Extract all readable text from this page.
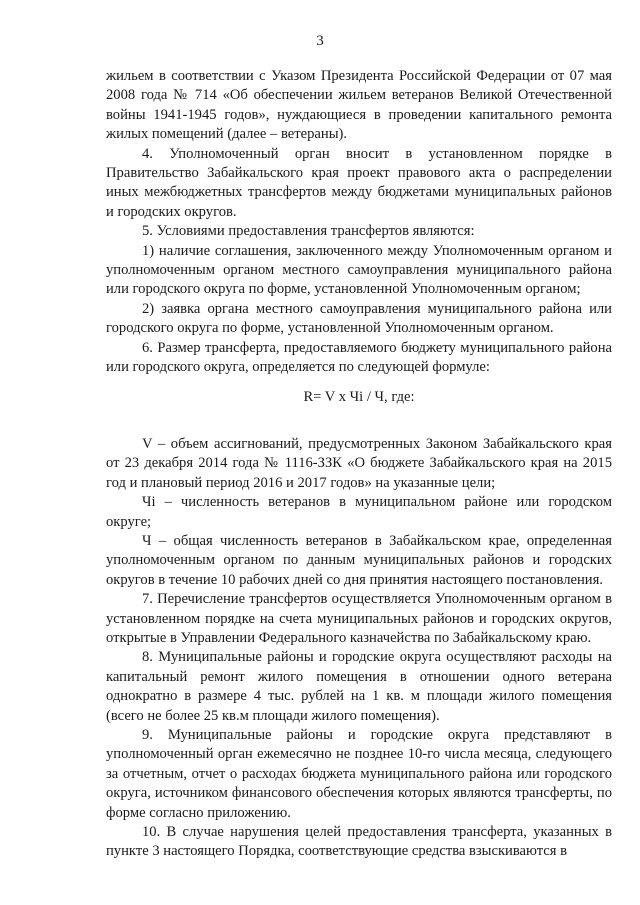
3

жильем в соответствии с Указом Президента Российской Федерации от 07 мая 2008 года № 714 «Об обеспечении жильем ветеранов Великой Отечественной войны 1941-1945 годов», нуждающиеся в проведении капитального ремонта жилых помещений (далее – ветераны).

4. Уполномоченный орган вносит в установленном порядке в Правительство Забайкальского края проект правового акта о распределении иных межбюджетных трансфертов между бюджетами муниципальных районов и городских округов.

5. Условиями предоставления трансфертов являются:

1) наличие соглашения, заключенного между Уполномоченным органом и уполномоченным органом местного самоуправления муниципального района или городского округа по форме, установленной Уполномоченным органом;

2) заявка органа местного самоуправления муниципального района или городского округа по форме, установленной Уполномоченным органом.

6. Размер трансферта, предоставляемого бюджету муниципального района или городского округа, определяется по следующей формуле:

R= V х Чi / Ч, где:

V – объем ассигнований, предусмотренных Законом Забайкальского края от 23 декабря 2014 года № 1116-ЗЗК «О бюджете Забайкальского края на 2015 год и плановый период 2016 и 2017 годов» на указанные цели;

Чi – численность ветеранов в муниципальном районе или городском округе;

Ч – общая численность ветеранов в Забайкальском крае, определенная уполномоченным органом по данным муниципальных районов и городских округов в течение 10 рабочих дней со дня принятия настоящего постановления.

7. Перечисление трансфертов осуществляется Уполномоченным органом в установленном порядке на счета муниципальных районов и городских округов, открытые в Управлении Федерального казначейства по Забайкальскому краю.

8. Муниципальные районы и городские округа осуществляют расходы на капитальный ремонт жилого помещения в отношении одного ветерана однократно в размере 4 тыс. рублей на 1 кв. м площади жилого помещения (всего не более 25 кв.м площади жилого помещения).

9. Муниципальные районы и городские округа представляют в уполномоченный орган ежемесячно не позднее 10-го числа месяца, следующего за отчетным, отчет о расходах бюджета муниципального района или городского округа, источником финансового обеспечения которых являются трансферты, по форме согласно приложению.

10. В случае нарушения целей предоставления трансферта, указанных в пункте 3 настоящего Порядка, соответствующие средства взыскиваются в
